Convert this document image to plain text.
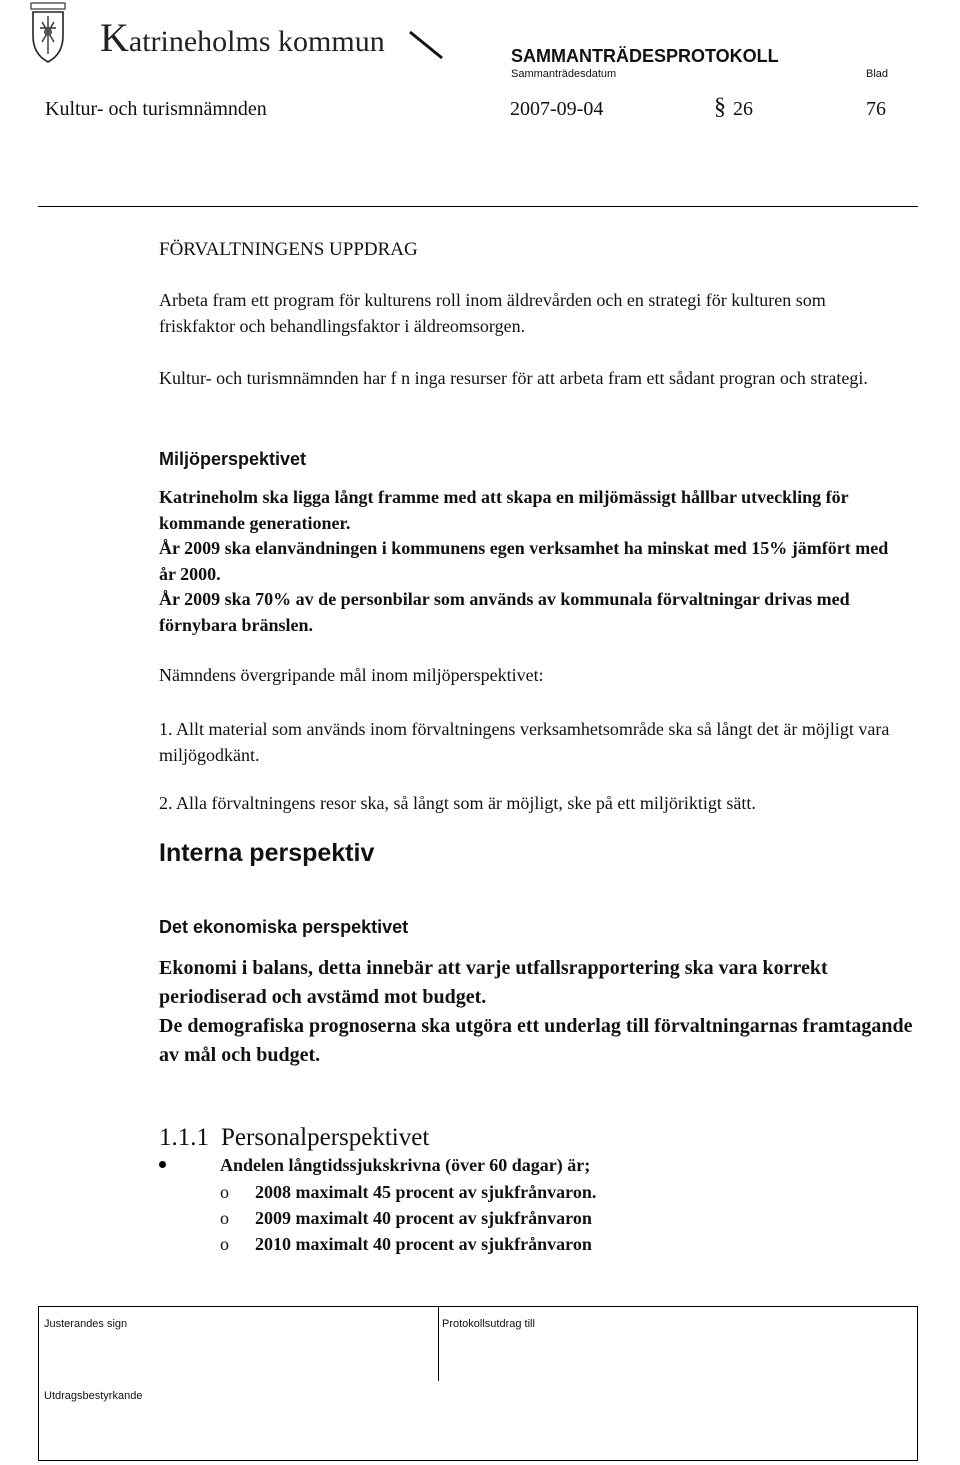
Katrineholms kommun	SAMMANTRÄDESPROTOKOLL
Sammanträdesdatum	Blad
Kultur- och turismnämnden	2007-09-04	§ 26	76
FÖRVALTNINGENS UPPDRAG
Arbeta fram ett program för kulturens roll inom äldrevården och en strategi för kulturen som friskfaktor och behandlingsfaktor i äldreomsorgen.
Kultur- och turismnämnden har f n inga resurser för att arbeta fram ett sådant progran och strategi.
Miljöperspektivet
Katrineholm ska ligga långt framme med att skapa en miljömässigt hållbar utveckling för kommande generationer.
År 2009 ska elanvändningen i kommunens egen verksamhet ha minskat med 15% jämfört med år 2000.
År 2009 ska 70% av de personbilar som används av kommunala förvaltningar drivas med förnybara bränslen.
Nämndens övergripande mål inom miljöperspektivet:
1. Allt material som används inom förvaltningens verksamhetsområde ska så långt det är möjligt vara miljögodkänt.
2. Alla förvaltningens resor ska, så långt som är möjligt, ske på ett miljöriktigt sätt.
Interna perspektiv
Det ekonomiska perspektivet
Ekonomi i balans, detta innebär att varje utfallsrapportering ska vara korrekt periodiserad och avstämd mot budget.
De demografiska prognoserna ska utgöra ett underlag till förvaltningarnas framtagande av mål och budget.
1.1.1 Personalperspektivet
Andelen långtidssjukskrivna (över 60 dagar) är;
o 2008 maximalt 45 procent av sjukfrånvaron.
o 2009 maximalt 40 procent av sjukfrånvaron
o 2010 maximalt 40 procent av sjukfrånvaron
Justerandes sign	Protokollsutdrag till
Utdragsbestyrkande
